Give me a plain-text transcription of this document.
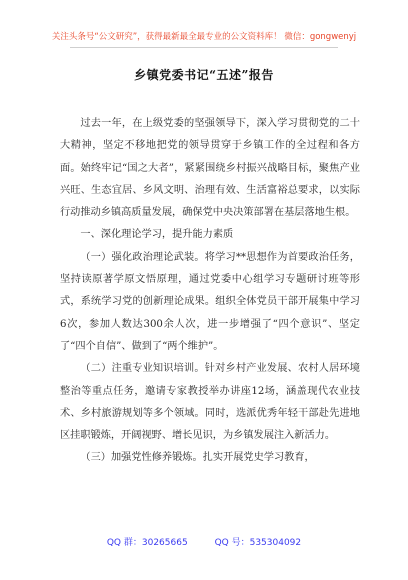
关注头条号“公文研究”，获得最新最全最专业的公文资料库！ 微信：gongwenyj
乡镇党委书记“五述”报告

过去一年，在上级党委的坚强领导下，深入学习贯彻党的二十大精神，坚定不移地把党的领导贯穿于乡镇工作的全过程和各方面。始终牢记“国之大者”，紧紧围绕乡村振兴战略目标，聚焦产业兴旺、生态宜居、乡风文明、治理有效、生活富裕总要求，以实际行动推动乡镇高质量发展，确保党中央决策部署在基层落地生根。

一、深化理论学习，提升能力素质

（一）强化政治理论武装。将学习**思想作为首要政治任务，坚持读原著学原文悟原理，通过党委中心组学习专题研讨班等形式，系统学习党的创新理论成果。组织全体党员干部开展集中学习6次，参加人数达300余人次，进一步增强了“四个意识”、坚定了“四个自信”、做到了“两个维护”。

（二）注重专业知识培训。针对乡村产业发展、农村人居环境整治等重点任务，邀请专家教授举办讲座12场，涵盖现代农业技术、乡村旅游规划等多个领域。同时，选派优秀年轻干部赴先进地区挂职锻炼，开阔视野、增长见识，为乡镇发展注入新活力。

（三）加强党性修养锻炼。扎实开展党史学习教育，

QQ 群：30265665	QQ 号：535304092
